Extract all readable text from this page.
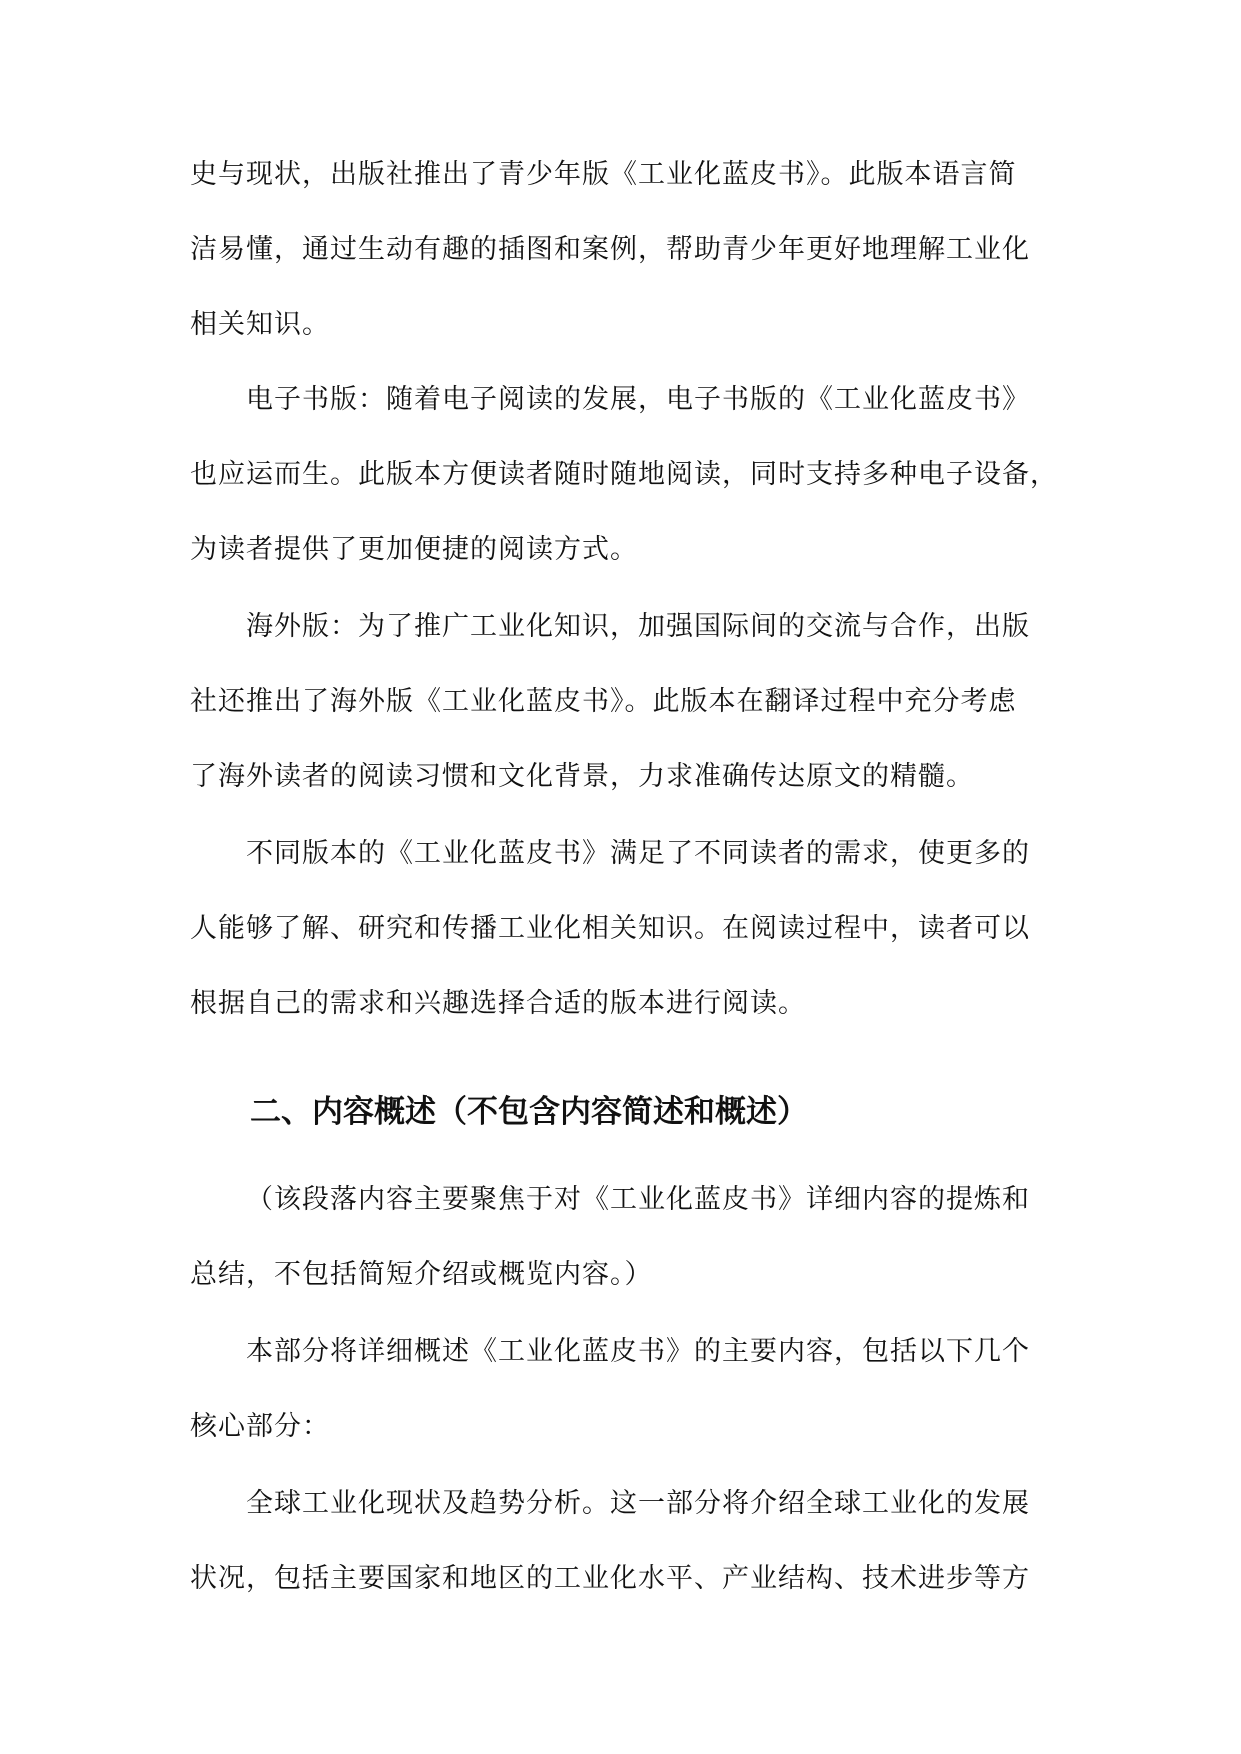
史与现状，出版社推出了青少年版《工业化蓝皮书》。此版本语言简
洁易懂，通过生动有趣的插图和案例，帮助青少年更好地理解工业化
相关知识。
电子书版：随着电子阅读的发展，电子书版的《工业化蓝皮书》
也应运而生。此版本方便读者随时随地阅读，同时支持多种电子设备，
为读者提供了更加便捷的阅读方式。
海外版：为了推广工业化知识，加强国际间的交流与合作，出版
社还推出了海外版《工业化蓝皮书》。此版本在翻译过程中充分考虑
了海外读者的阅读习惯和文化背景，力求准确传达原文的精髓。
不同版本的《工业化蓝皮书》满足了不同读者的需求，使更多的
人能够了解、研究和传播工业化相关知识。在阅读过程中，读者可以
根据自己的需求和兴趣选择合适的版本进行阅读。
二、内容概述（不包含内容简述和概述）
（该段落内容主要聚焦于对《工业化蓝皮书》详细内容的提炼和
总结，不包括简短介绍或概览内容。）
本部分将详细概述《工业化蓝皮书》的主要内容，包括以下几个
核心部分：
全球工业化现状及趋势分析。这一部分将介绍全球工业化的发展
状况，包括主要国家和地区的工业化水平、产业结构、技术进步等方
